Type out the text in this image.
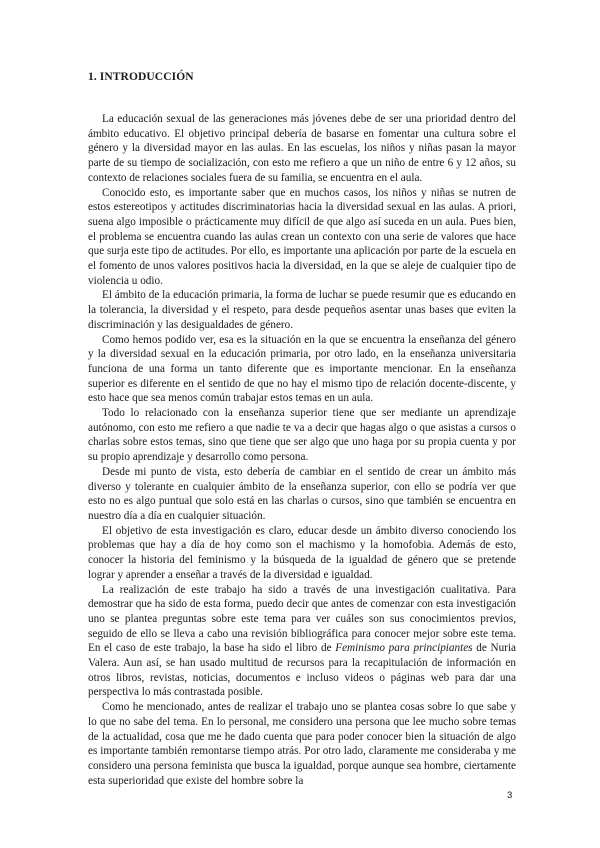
1. INTRODUCCIÓN

La educación sexual de las generaciones más jóvenes debe de ser una prioridad dentro del ámbito educativo. El objetivo principal debería de basarse en fomentar una cultura sobre el género y la diversidad mayor en las aulas. En las escuelas, los niños y niñas pasan la mayor parte de su tiempo de socialización, con esto me refiero a que un niño de entre 6 y 12 años, su contexto de relaciones sociales fuera de su familia, se encuentra en el aula.

Conocido esto, es importante saber que en muchos casos, los niños y niñas se nutren de estos estereotipos y actitudes discriminatorias hacia la diversidad sexual en las aulas. A priori, suena algo imposible o prácticamente muy difícil de que algo así suceda en un aula. Pues bien, el problema se encuentra cuando las aulas crean un contexto con una serie de valores que hace que surja este tipo de actitudes. Por ello, es importante una aplicación por parte de la escuela en el fomento de unos valores positivos hacia la diversidad, en la que se aleje de cualquier tipo de violencia u odio.

El ámbito de la educación primaria, la forma de luchar se puede resumir que es educando en la tolerancia, la diversidad y el respeto, para desde pequeños asentar unas bases que eviten la discriminación y las desigualdades de género.

Como hemos podido ver, esa es la situación en la que se encuentra la enseñanza del género y la diversidad sexual en la educación primaria, por otro lado, en la enseñanza universitaria funciona de una forma un tanto diferente que es importante mencionar. En la enseñanza superior es diferente en el sentido de que no hay el mismo tipo de relación docente-discente, y esto hace que sea menos común trabajar estos temas en un aula.

Todo lo relacionado con la enseñanza superior tiene que ser mediante un aprendizaje autónomo, con esto me refiero a que nadie te va a decir que hagas algo o que asistas a cursos o charlas sobre estos temas, sino que tiene que ser algo que uno haga por su propia cuenta y por su propio aprendizaje y desarrollo como persona.

Desde mi punto de vista, esto debería de cambiar en el sentido de crear un ámbito más diverso y tolerante en cualquier ámbito de la enseñanza superior, con ello se podría ver que esto no es algo puntual que solo está en las charlas o cursos, sino que también se encuentra en nuestro día a día en cualquier situación.

El objetivo de esta investigación es claro, educar desde un ámbito diverso conociendo los problemas que hay a día de hoy como son el machismo y la homofobia. Además de esto, conocer la historia del feminismo y la búsqueda de la igualdad de género que se pretende lograr y aprender a enseñar a través de la diversidad e igualdad.

La realización de este trabajo ha sido a través de una investigación cualitativa. Para demostrar que ha sido de esta forma, puedo decir que antes de comenzar con esta investigación uno se plantea preguntas sobre este tema para ver cuáles son sus conocimientos previos, seguido de ello se lleva a cabo una revisión bibliográfica para conocer mejor sobre este tema. En el caso de este trabajo, la base ha sido el libro de Feminismo para principiantes de Nuria Valera. Aun así, se han usado multitud de recursos para la recapitulación de información en otros libros, revistas, noticias, documentos e incluso videos o páginas web para dar una perspectiva lo más contrastada posible.

Como he mencionado, antes de realizar el trabajo uno se plantea cosas sobre lo que sabe y lo que no sabe del tema. En lo personal, me considero una persona que lee mucho sobre temas de la actualidad, cosa que me he dado cuenta que para poder conocer bien la situación de algo es importante también remontarse tiempo atrás. Por otro lado, claramente me consideraba y me considero una persona feminista que busca la igualdad, porque aunque sea hombre, ciertamente esta superioridad que existe del hombre sobre la

3
